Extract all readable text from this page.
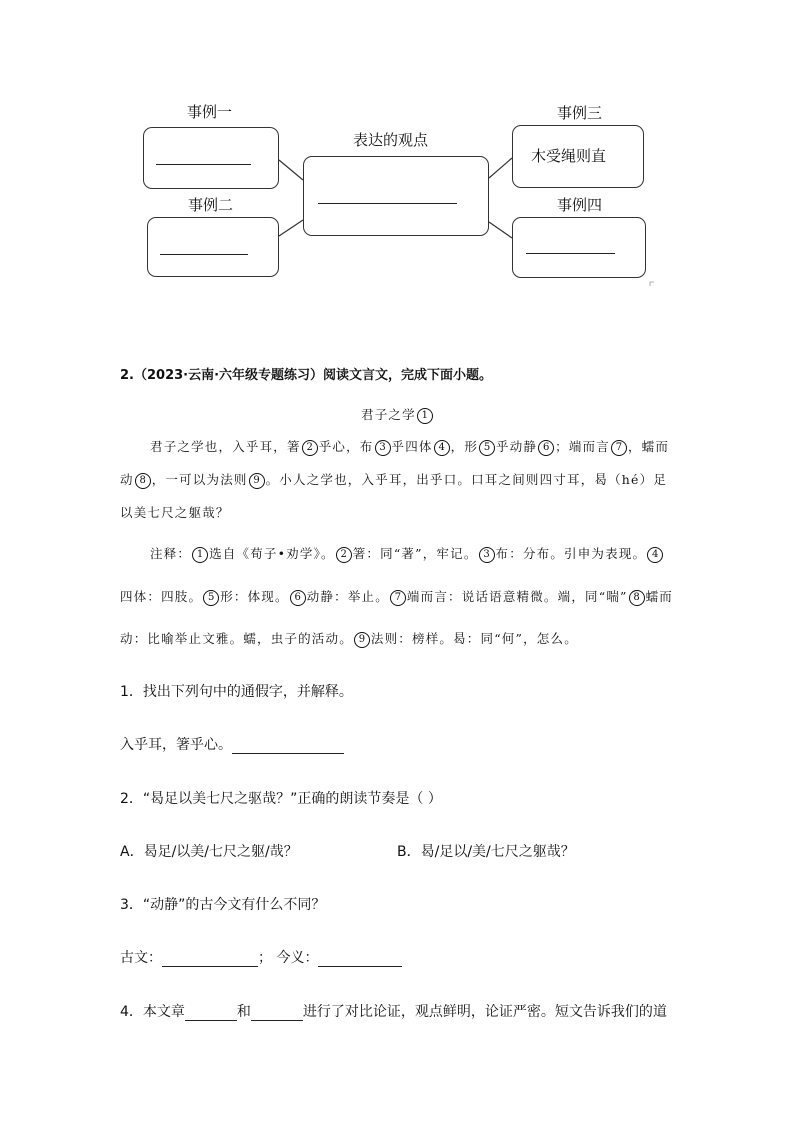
事例一
事例二
表达的观点
事例三
木受绳则直
事例四
2.（2023·云南·六年级专题练习）阅读文言文，完成下面小题。
君子之学 1
君子之学也，入乎耳，箸 2 乎心，布 3 乎四体 4 ，形 5 乎动静 6 ；端而言 7 ，蠕而
动 8 ，一可以为法则 9 。小人之学也，入乎耳，出乎口。口耳之间则四寸耳，曷（hé）足
以美七尺之躯哉？
注释： 1 选自《荀子•劝学》。 2 箸：同“著”，牢记。 3 布：分布。引申为表现。 4
四体：四肢。 5 形：体现。 6 动静：举止。 7 端而言：说话语意精微。端，同“喘” 8 蠕而
动：比喻举止文雅。蠕，虫子的活动。 9 法则：榜样。曷：同“何”，怎么。
1．找出下列句中的通假字，并解释。
入乎耳，箸乎心。
2．“曷足以美七尺之驱哉？”正确的朗读节奏是（ ）
A．曷足/以美/七尺之躯/哉？	B．曷/足以/美/七尺之躯哉？
3．“动静”的古今文有什么不同？
古文：	； 今义：
4．本文章	和	进行了对比论证，观点鲜明，论证严密。短文告诉我们的道
